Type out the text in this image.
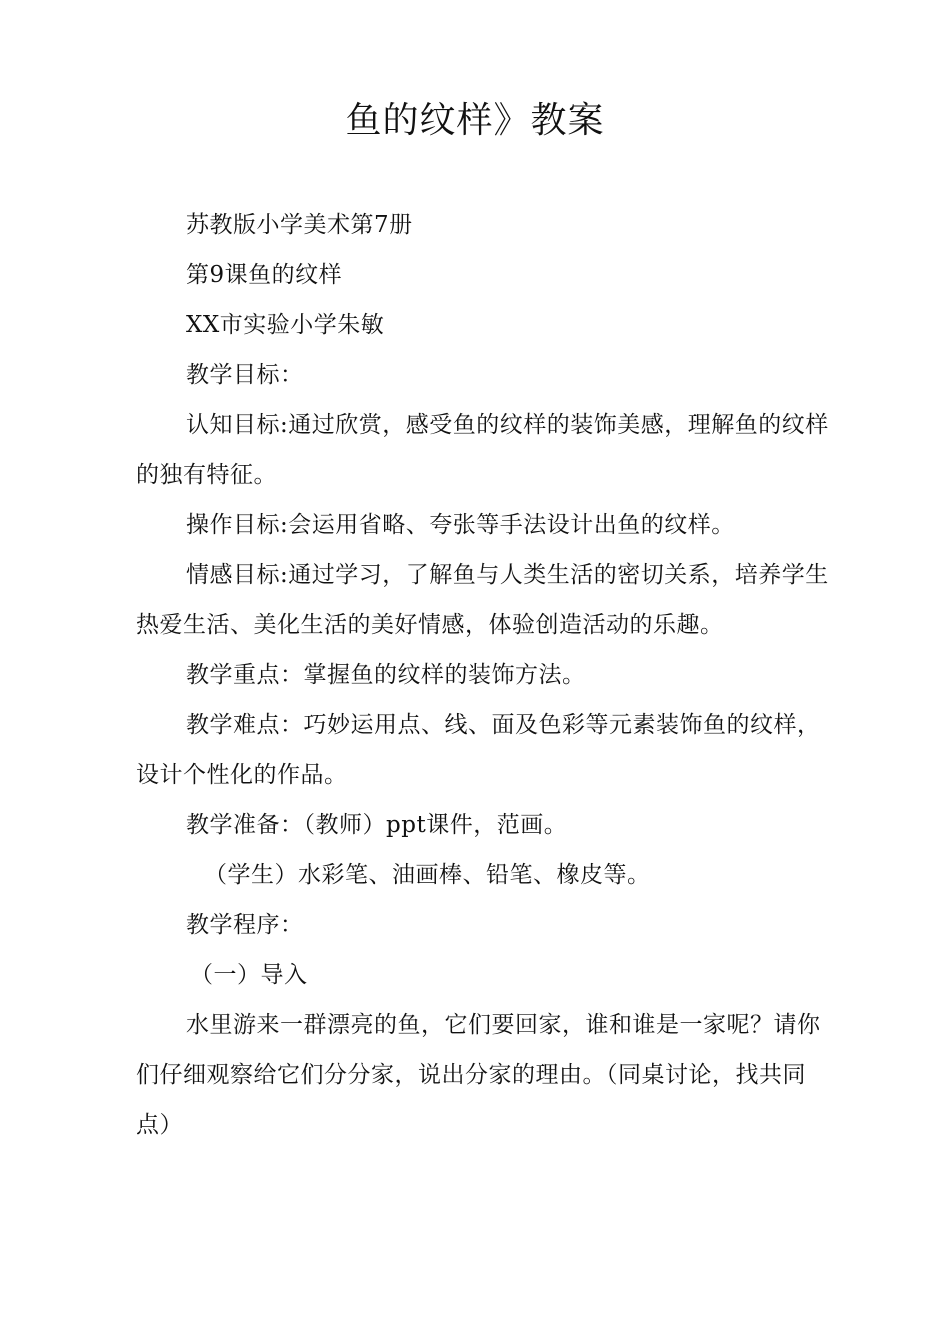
鱼的纹样》教案
苏教版小学美术第7册
第9课鱼的纹样
XX市实验小学朱敏
教学目标：
认知目标:通过欣赏，感受鱼的纹样的装饰美感，理解鱼的纹样的独有特征。
操作目标:会运用省略、夸张等手法设计出鱼的纹样。
情感目标:通过学习，了解鱼与人类生活的密切关系，培养学生热爱生活、美化生活的美好情感，体验创造活动的乐趣。
教学重点：掌握鱼的纹样的装饰方法。
教学难点：巧妙运用点、线、面及色彩等元素装饰鱼的纹样，设计个性化的作品。
教学准备：（教师）ppt课件，范画。
（学生）水彩笔、油画棒、铅笔、橡皮等。
教学程序：
（一）导入
水里游来一群漂亮的鱼，它们要回家，谁和谁是一家呢？请你们仔细观察给它们分分家，说出分家的理由。（同桌讨论，找共同点）
